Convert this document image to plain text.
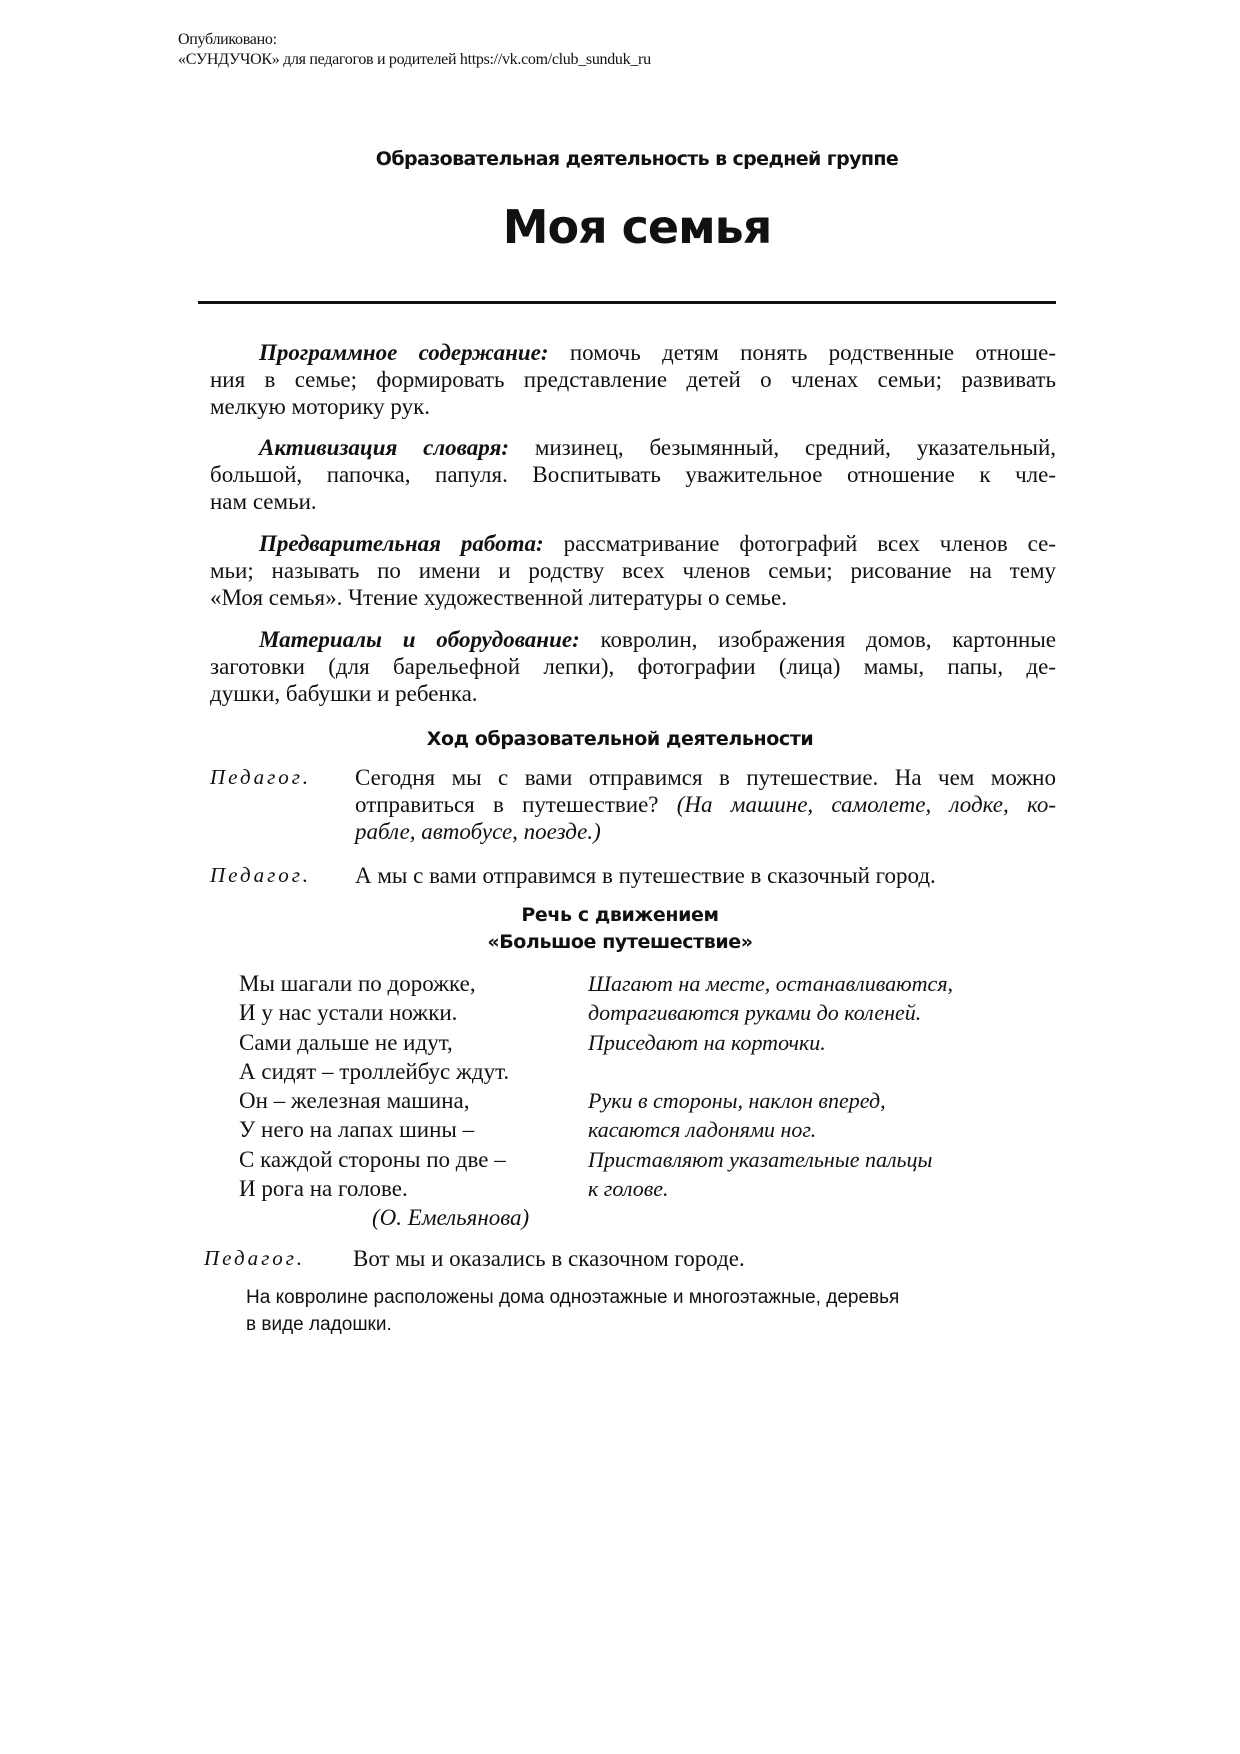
Опубликовано:
«СУНДУЧОК» для педагогов и родителей https://vk.com/club_sunduk_ru
Образовательная деятельность в средней группе
Моя семья
Программное содержание: помочь детям понять родственные отноше-
ния в семье; формировать представление детей о членах семьи; развивать
мелкую моторику рук.
Активизация словаря: мизинец, безымянный, средний, указательный,
большой, папочка, папуля. Воспитывать уважительное отношение к чле-
нам семьи.
Предварительная работа: рассматривание фотографий всех членов се-
мьи; называть по имени и родству всех членов семьи; рисование на тему
«Моя семья». Чтение художественной литературы о семье.
Материалы и оборудование: ковролин, изображения домов, картонные
заготовки (для барельефной лепки), фотографии (лица) мамы, папы, де-
душки, бабушки и ребенка.
Ход образовательной деятельности
Педагог. Сегодня мы с вами отправимся в путешествие. На чем можно
отправиться в путешествие? (На машине, самолете, лодке, ко-
рабле, автобусе, поезде.)
Педагог. А мы с вами отправимся в путешествие в сказочный город.
Речь с движением
«Большое путешествие»
Мы шагали по дорожке,
И у нас устали ножки.
Сами дальше не идут,
А сидят – троллейбус ждут.
Он – железная машина,
У него на лапах шины –
С каждой стороны по две –
И рога на голове.
(О. Емельянова)
Шагают на месте, останавливаются,
дотрагиваются руками до коленей.
Приседают на корточки.
Руки в стороны, наклон вперед,
касаются ладонями ног.
Приставляют указательные пальцы
к голове.
Педагог. Вот мы и оказались в сказочном городе.
На ковролине расположены дома одноэтажные и многоэтажные, деревья
в виде ладошки.
